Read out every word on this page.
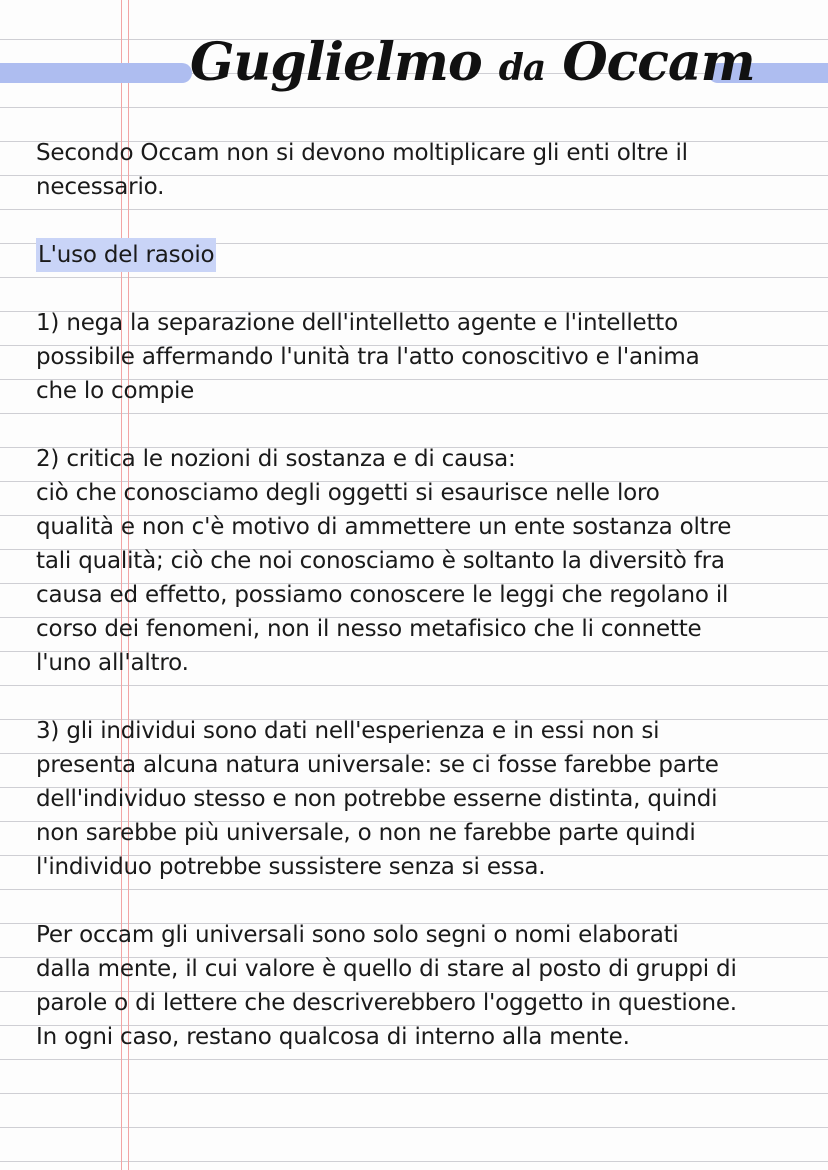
Guglielmo da Occam

Secondo Occam non si devono moltiplicare gli enti oltre il
necessario.

L'uso del rasoio

1) nega la separazione dell'intelletto agente e l'intelletto
possibile affermando l'unità tra l'atto conoscitivo e l'anima
che lo compie

2) critica le nozioni di sostanza e di causa:
ciò che conosciamo degli oggetti si esaurisce nelle loro
qualità e non c'è motivo di ammettere un ente sostanza oltre
tali qualità; ciò che noi conosciamo è soltanto la diversitò fra
causa ed effetto, possiamo conoscere le leggi che regolano il
corso dei fenomeni, non il nesso metafisico che li connette
l'uno all'altro.

3) gli individui sono dati nell'esperienza e in essi non si
presenta alcuna natura universale: se ci fosse farebbe parte
dell'individuo stesso e non potrebbe esserne distinta, quindi
non sarebbe più universale, o non ne farebbe parte quindi
l'individuo potrebbe sussistere senza si essa.

Per occam gli universali sono solo segni o nomi elaborati
dalla mente, il cui valore è quello di stare al posto di gruppi di
parole o di lettere che descriverebbero l'oggetto in questione.
In ogni caso, restano qualcosa di interno alla mente.
